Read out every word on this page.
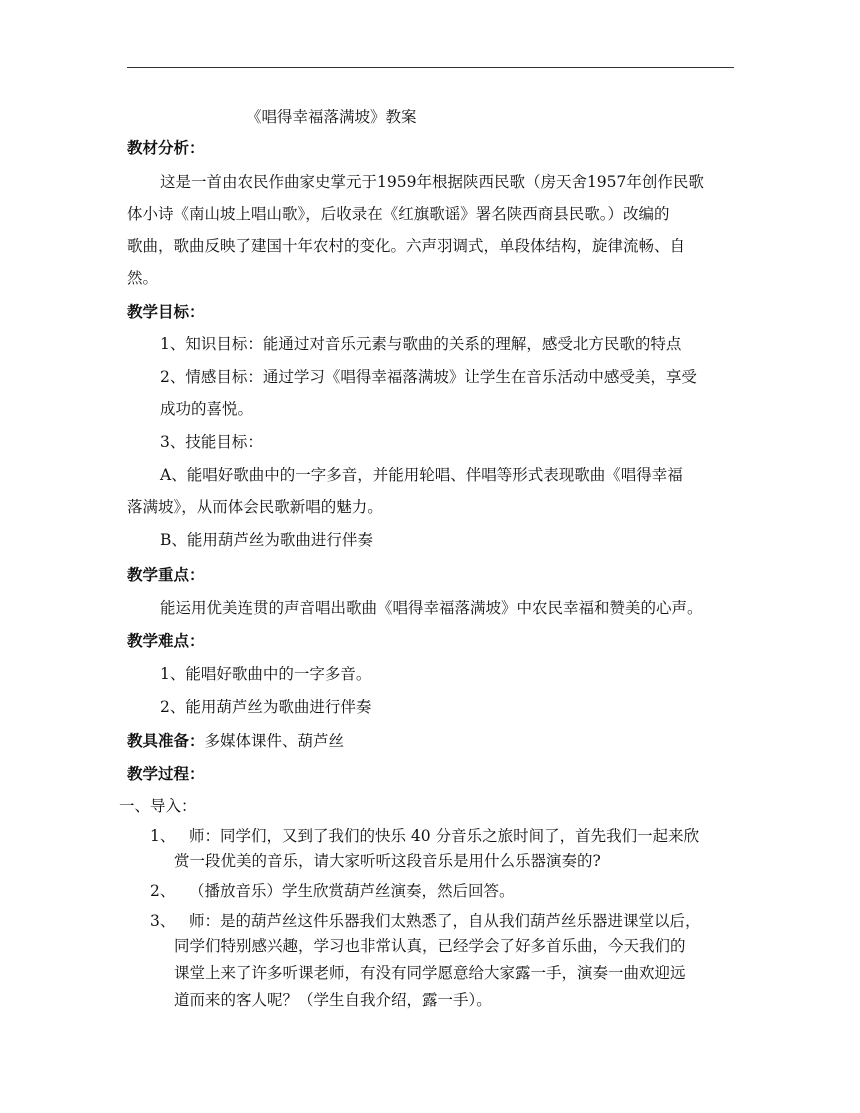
《唱得幸福落满坡》教案
教材分析：
这是一首由农民作曲家史掌元于1959年根据陕西民歌（房天舍1957年创作民歌
体小诗《南山坡上唱山歌》，后收录在《红旗歌谣》署名陕西商县民歌。）改编的
歌曲，歌曲反映了建国十年农村的变化。六声羽调式，单段体结构，旋律流畅、自
然。
教学目标：
1、知识目标：能通过对音乐元素与歌曲的关系的理解，感受北方民歌的特点
2、情感目标：通过学习《唱得幸福落满坡》让学生在音乐活动中感受美，享受
成功的喜悦。
3、技能目标：
A、能唱好歌曲中的一字多音，并能用轮唱、伴唱等形式表现歌曲《唱得幸福
落满坡》，从而体会民歌新唱的魅力。
B、能用葫芦丝为歌曲进行伴奏
教学重点：
能运用优美连贯的声音唱出歌曲《唱得幸福落满坡》中农民幸福和赞美的心声。
教学难点：
1、能唱好歌曲中的一字多音。
2、能用葫芦丝为歌曲进行伴奏
教具准备：多媒体课件、葫芦丝
教学过程：
一、导入：
1、 师：同学们，又到了我们的快乐 40 分音乐之旅时间了，首先我们一起来欣
赏一段优美的音乐，请大家听听这段音乐是用什么乐器演奏的?
2、 （播放音乐）学生欣赏葫芦丝演奏，然后回答。
3、 师：是的葫芦丝这件乐器我们太熟悉了，自从我们葫芦丝乐器进课堂以后，
同学们特别感兴趣，学习也非常认真，已经学会了好多首乐曲，今天我们的
课堂上来了许多听课老师，有没有同学愿意给大家露一手，演奏一曲欢迎远
道而来的客人呢？（学生自我介绍，露一手）。
